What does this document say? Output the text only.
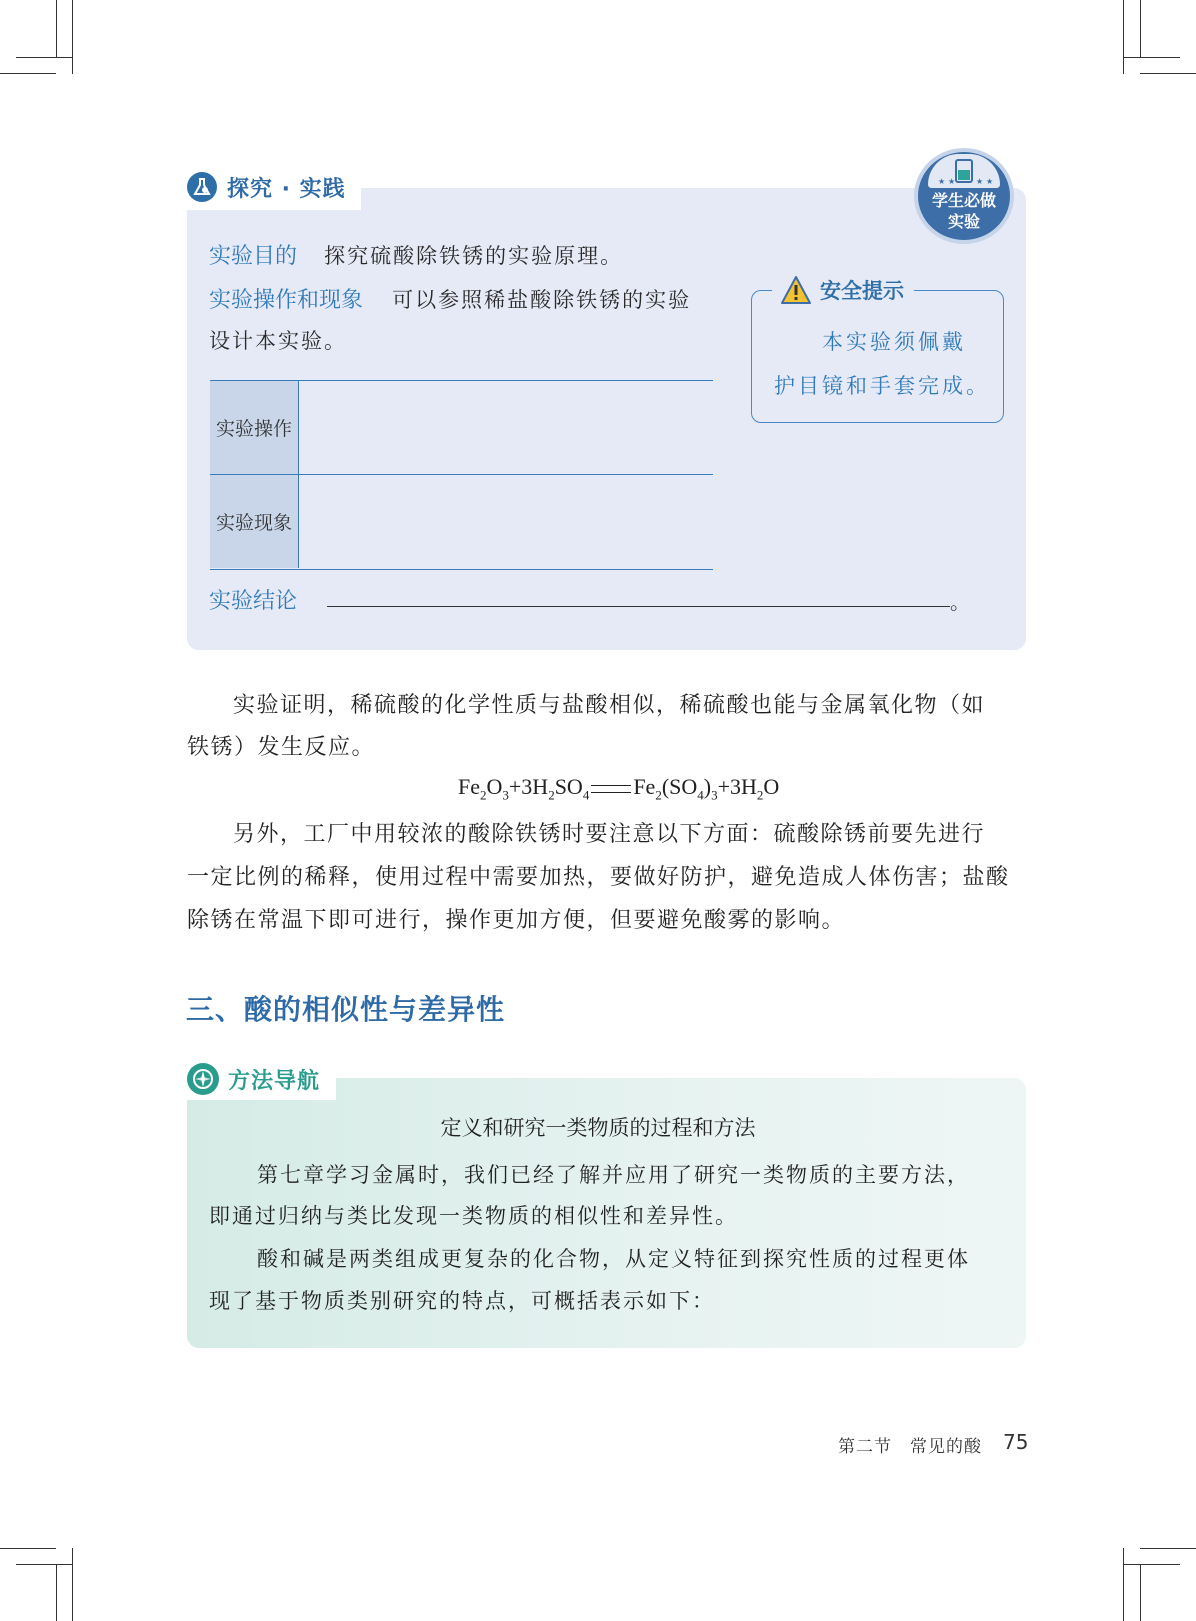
探究 · 实践	★ ★	★ ★
学生必做
实验
实验目的 探究硫酸除铁锈的实验原理。
实验操作和现象 可以参照稀盐酸除铁锈的实验
设计本实验。
实验操作
实验现象
实验结论	。
安全提示
本实验须佩戴
护目镜和手套完成。
实验证明，稀硫酸的化学性质与盐酸相似，稀硫酸也能与金属氧化物（如
铁锈）发生反应。
$Fe_2O_3+3H_2SO_4$ $Fe_2(SO_4)_3+3H_2O$
另外，工厂中用较浓的酸除铁锈时要注意以下方面：硫酸除锈前要先进行
一定比例的稀释，使用过程中需要加热，要做好防护，避免造成人体伤害；盐酸
除锈在常温下即可进行，操作更加方便，但要避免酸雾的影响。
三、酸的相似性与差异性
方法导航
定义和研究一类物质的过程和方法
第七章学习金属时，我们已经了解并应用了研究一类物质的主要方法，
即通过归纳与类比发现一类物质的相似性和差异性。
酸和碱是两类组成更复杂的化合物，从定义特征到探究性质的过程更体
现了基于物质类别研究的特点，可概括表示如下：
第二节　常见的酸 75
